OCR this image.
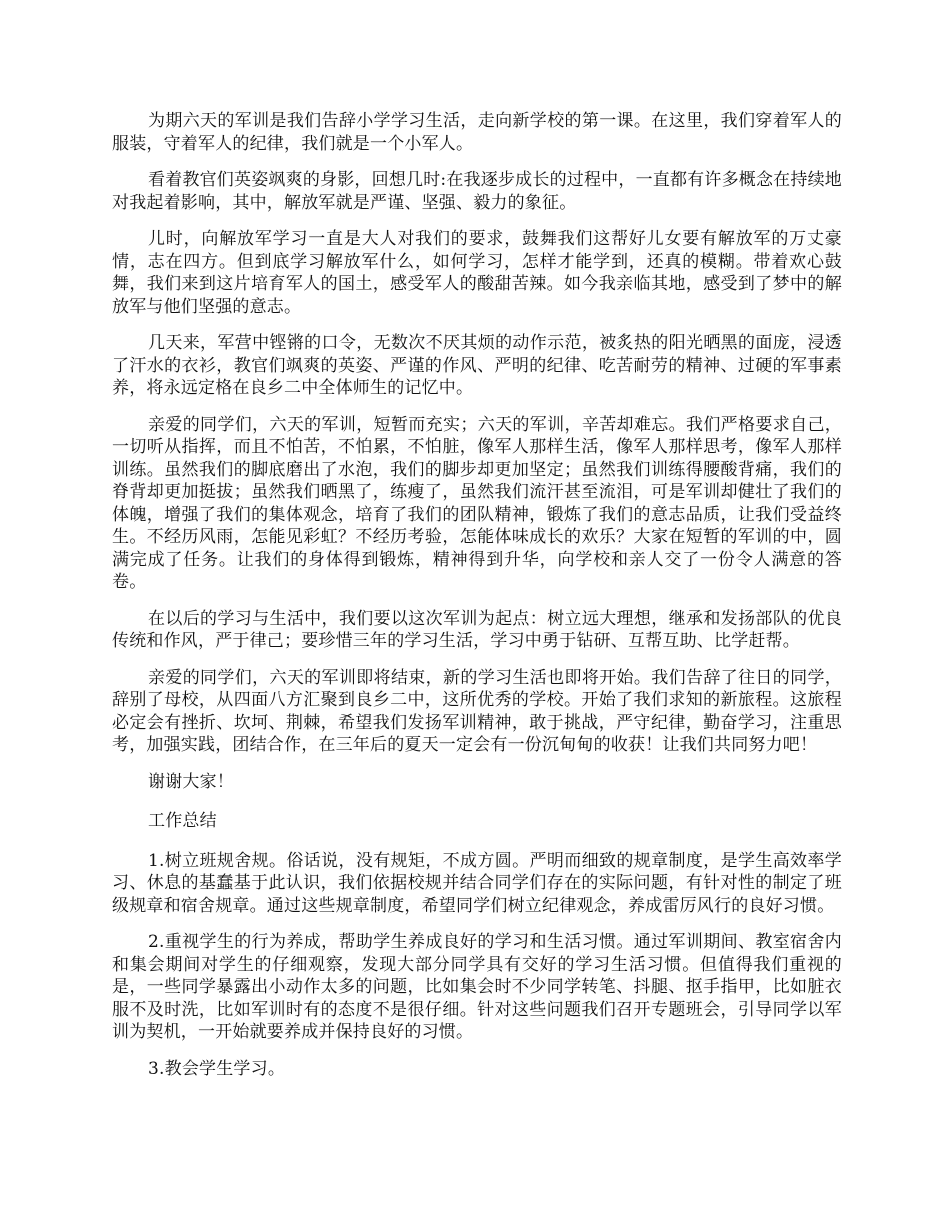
为期六天的军训是我们告辞小学学习生活，走向新学校的第一课。在这里，我们穿着军人的服装，守着军人的纪律，我们就是一个小军人。

看着教官们英姿飒爽的身影，回想几时:在我逐步成长的过程中，一直都有许多概念在持续地对我起着影响，其中，解放军就是严谨、坚强、毅力的象征。

儿时，向解放军学习一直是大人对我们的要求，鼓舞我们这帮好儿女要有解放军的万丈豪情，志在四方。但到底学习解放军什么，如何学习，怎样才能学到，还真的模糊。带着欢心鼓舞，我们来到这片培育军人的国土，感受军人的酸甜苦辣。如今我亲临其地，感受到了梦中的解放军与他们坚强的意志。

几天来，军营中铿锵的口令，无数次不厌其烦的动作示范，被炙热的阳光晒黑的面庞，浸透了汗水的衣衫，教官们飒爽的英姿、严谨的作风、严明的纪律、吃苦耐劳的精神、过硬的军事素养，将永远定格在良乡二中全体师生的记忆中。

亲爱的同学们，六天的军训，短暂而充实；六天的军训，辛苦却难忘。我们严格要求自己，一切听从指挥，而且不怕苦，不怕累，不怕脏，像军人那样生活，像军人那样思考，像军人那样训练。虽然我们的脚底磨出了水泡，我们的脚步却更加坚定；虽然我们训练得腰酸背痛，我们的脊背却更加挺拔；虽然我们晒黑了，练瘦了，虽然我们流汗甚至流泪，可是军训却健壮了我们的体魄，增强了我们的集体观念，培育了我们的团队精神，锻炼了我们的意志品质，让我们受益终生。不经历风雨，怎能见彩虹？不经历考验，怎能体味成长的欢乐？大家在短暂的军训的中，圆满完成了任务。让我们的身体得到锻炼，精神得到升华，向学校和亲人交了一份令人满意的答卷。

在以后的学习与生活中，我们要以这次军训为起点：树立远大理想，继承和发扬部队的优良传统和作风，严于律己；要珍惜三年的学习生活，学习中勇于钻研、互帮互助、比学赶帮。

亲爱的同学们，六天的军训即将结束，新的学习生活也即将开始。我们告辞了往日的同学，辞别了母校，从四面八方汇聚到良乡二中，这所优秀的学校。开始了我们求知的新旅程。这旅程必定会有挫折、坎坷、荆棘，希望我们发扬军训精神，敢于挑战，严守纪律，勤奋学习，注重思考，加强实践，团结合作，在三年后的夏天一定会有一份沉甸甸的收获！让我们共同努力吧！

谢谢大家！

工作总结

1.树立班规舍规。俗话说，没有规矩，不成方圆。严明而细致的规章制度，是学生高效率学习、休息的基蠢基于此认识，我们依据校规并结合同学们存在的实际问题，有针对性的制定了班级规章和宿舍规章。通过这些规章制度，希望同学们树立纪律观念，养成雷厉风行的良好习惯。

2.重视学生的行为养成，帮助学生养成良好的学习和生活习惯。通过军训期间、教室宿舍内和集会期间对学生的仔细观察，发现大部分同学具有交好的学习生活习惯。但值得我们重视的是，一些同学暴露出小动作太多的问题，比如集会时不少同学转笔、抖腿、抠手指甲，比如脏衣服不及时洗，比如军训时有的态度不是很仔细。针对这些问题我们召开专题班会，引导同学以军训为契机，一开始就要养成并保持良好的习惯。

3.教会学生学习。
